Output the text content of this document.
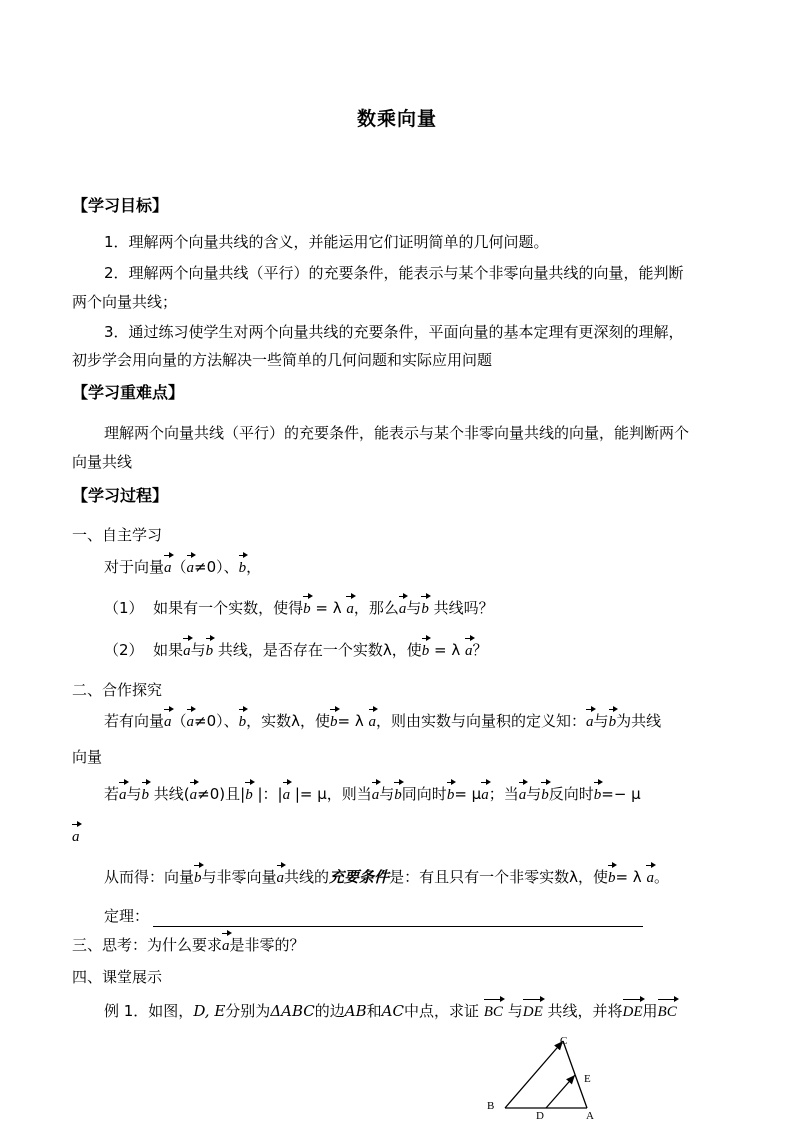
数乘向量
【学习目标】
1．理解两个向量共线的含义，并能运用它们证明简单的几何问题。
2．理解两个向量共线（平行）的充要条件，能表示与某个非零向量共线的向量，能判断
两个向量共线；
3．通过练习使学生对两个向量共线的充要条件，平面向量的基本定理有更深刻的理解，
初步学会用向量的方法解决一些简单的几何问题和实际应用问题
【学习重难点】
理解两个向量共线（平行）的充要条件，能表示与某个非零向量共线的向量，能判断两个
向量共线
【学习过程】
一、自主学习
对于向量a（a≠0）、b，
（1） 如果有一个实数，使得b = λ a，那么a与b 共线吗？
（2） 如果a与b 共线，是否存在一个实数λ，使b = λ a？
二、合作探究
若有向量a（a≠0）、b，实数λ，使b= λ a，则由实数与向量积的定义知：a与b为共线
向量
若a与b 共线(a≠0)且|b |：|a |= μ，则当a与b同向时b= μa；当a与b反向时b=− μ
a
从而得：向量b与非零向量a共线的充要条件是：有且只有一个非零实数λ，使b= λ a。
定理：
三、思考：为什么要求a是非零的？
四、课堂展示
例 1．如图，D, E分别为ΔABC的边AB和AC中点，求证 BC 与DE 共线，并将DE用BC
C
E
B
D	A
